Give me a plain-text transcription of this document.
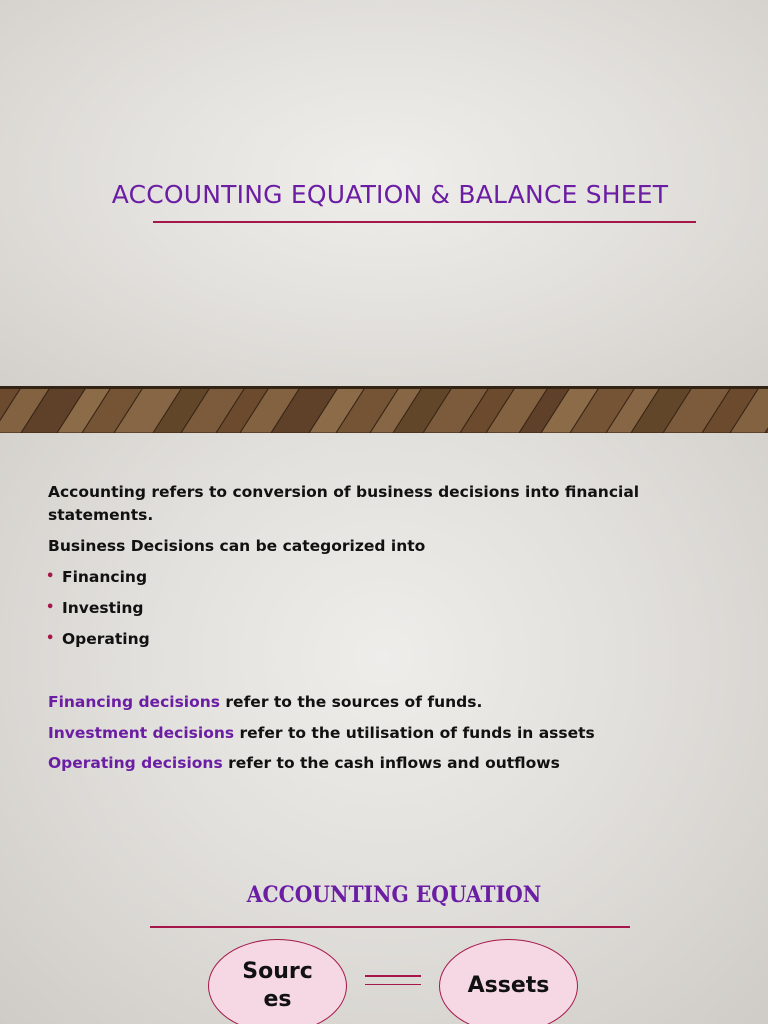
ACCOUNTING EQUATION & BALANCE SHEET
Accounting refers to conversion of business decisions into financial
statements.
Business Decisions can be categorized into
• Financing
• Investing
• Operating
Financing decisions refer to the sources of funds.
Investment decisions refer to the utilisation of funds in assets
Operating decisions refer to the cash inflows and outflows
ACCOUNTING EQUATION
Sources
Assets
